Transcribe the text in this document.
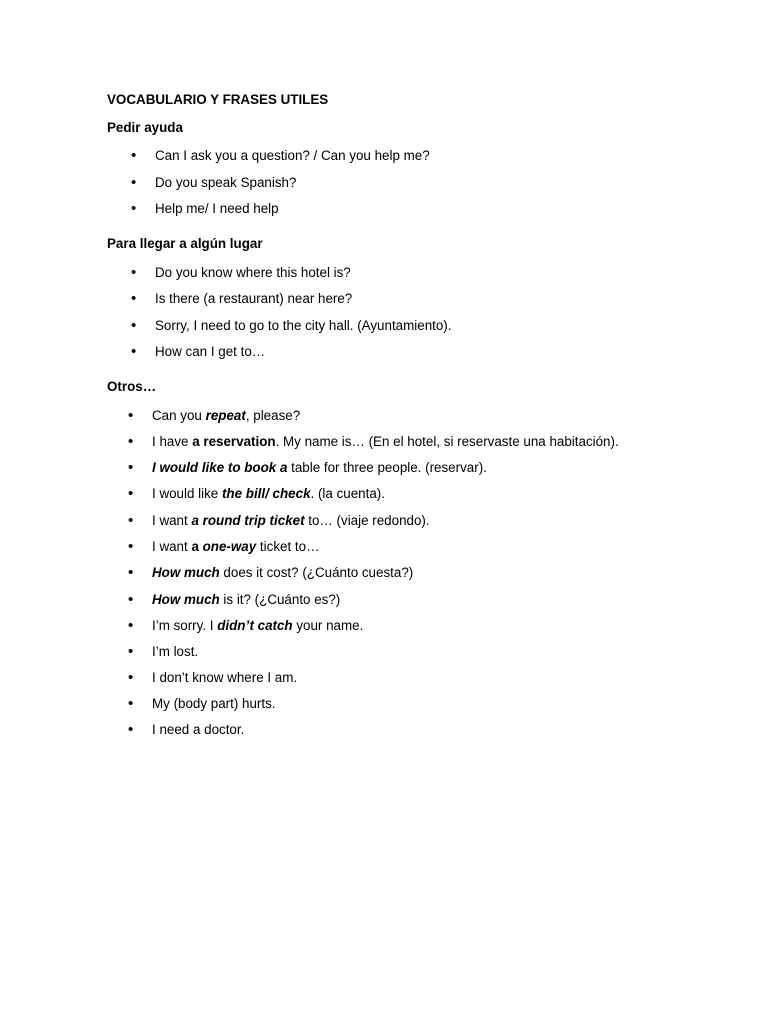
VOCABULARIO Y FRASES UTILES
Pedir ayuda
• Can I ask you a question? / Can you help me?
• Do you speak Spanish?
• Help me/ I need help
Para llegar a algún lugar
• Do you know where this hotel is?
• Is there (a restaurant) near here?
• Sorry, I need to go to the city hall. (Ayuntamiento).
• How can I get to…
Otros…
• Can you repeat, please?
• I have a reservation. My name is… (En el hotel, si reservaste una habitación).
• I would like to book a table for three people. (reservar).
• I would like the bill/ check. (la cuenta).
• I want a round trip ticket to… (viaje redondo).
• I want a one-way ticket to…
• How much does it cost? (¿Cuánto cuesta?)
• How much is it? (¿Cuánto es?)
• I’m sorry. I didn’t catch your name.
• I’m lost.
• I don’t know where I am.
• My (body part) hurts.
• I need a doctor.
